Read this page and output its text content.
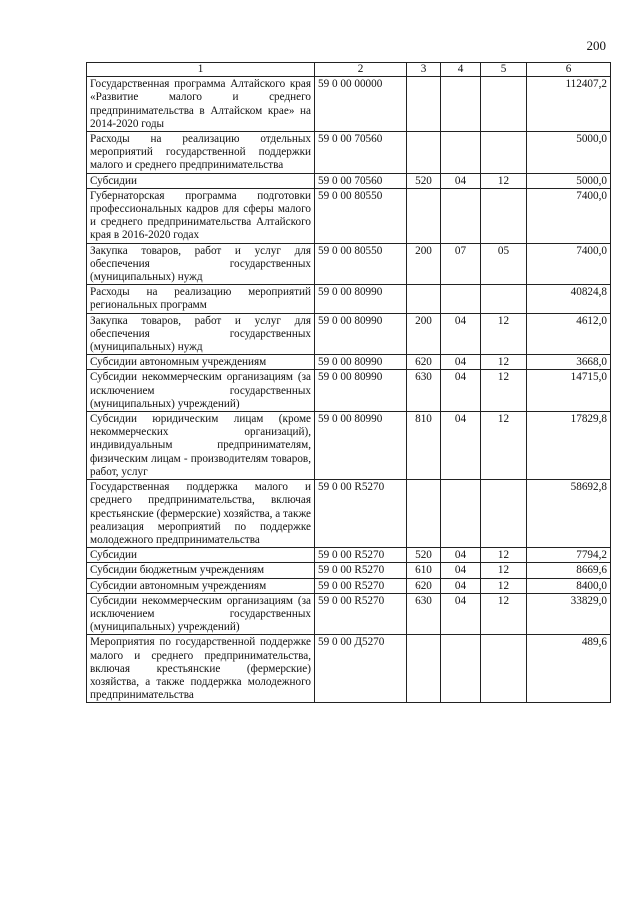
200
1	2	3	4	5	6
Государственная программа Алтайского края «Развитие малого и среднего предпринимательства в Алтайском крае» на 2014-2020 годы	59 0 00 00000				112407,2
Расходы на реализацию отдельных мероприятий государственной поддержки малого и среднего предпринимательства	59 0 00 70560				5000,0
Субсидии	59 0 00 70560	520	04	12	5000,0
Губернаторская программа подготовки профессиональных кадров для сферы малого и среднего предпринимательства Алтайского края в 2016-2020 годах	59 0 00 80550				7400,0
Закупка товаров, работ и услуг для обеспечения государственных (муниципальных) нужд	59 0 00 80550	200	07	05	7400,0
Расходы на реализацию мероприятий региональных программ	59 0 00 80990				40824,8
Закупка товаров, работ и услуг для обеспечения государственных (муниципальных) нужд	59 0 00 80990	200	04	12	4612,0
Субсидии автономным учреждениям	59 0 00 80990	620	04	12	3668,0
Субсидии некоммерческим организациям (за исключением государственных (муниципальных) учреждений)	59 0 00 80990	630	04	12	14715,0
Субсидии юридическим лицам (кроме некоммерческих организаций), индивидуальным предпринимателям, физическим лицам - производителям товаров, работ, услуг	59 0 00 80990	810	04	12	17829,8
Государственная поддержка малого и среднего предпринимательства, включая крестьянские (фермерские) хозяйства, а также реализация мероприятий по поддержке молодежного предпринимательства	59 0 00 R5270				58692,8
Субсидии	59 0 00 R5270	520	04	12	7794,2
Субсидии бюджетным учреждениям	59 0 00 R5270	610	04	12	8669,6
Субсидии автономным учреждениям	59 0 00 R5270	620	04	12	8400,0
Субсидии некоммерческим организациям (за исключением государственных (муниципальных) учреждений)	59 0 00 R5270	630	04	12	33829,0
Мероприятия по государственной поддержке малого и среднего предпринимательства, включая крестьянские (фермерские) хозяйства, а также поддержка молодежного предпринимательства	59 0 00 Д5270				489,6
